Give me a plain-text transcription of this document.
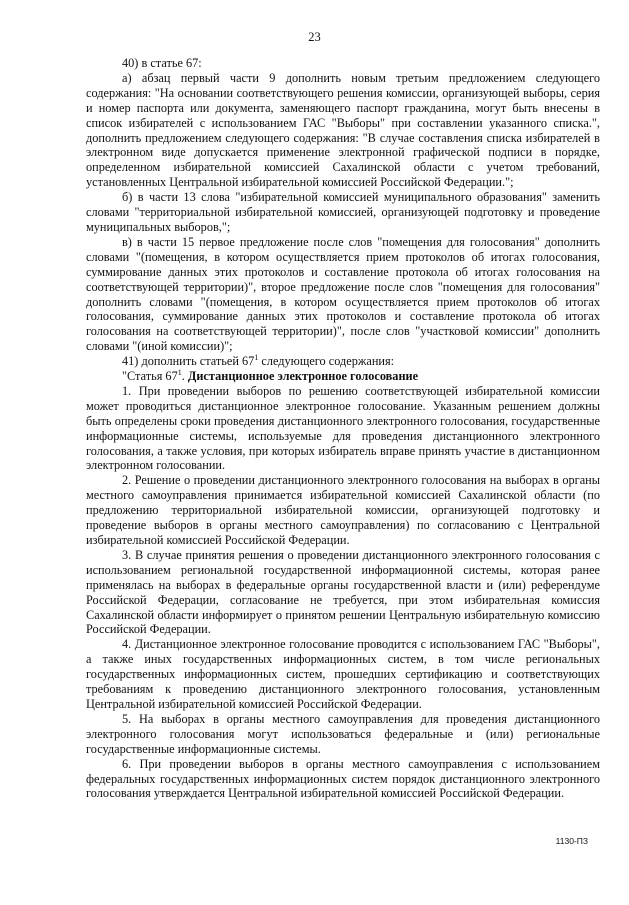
23

40) в статье 67:

а) абзац первый части 9 дополнить новым третьим предложением следующего содержания: "На основании соответствующего решения комиссии, организующей выборы, серия и номер паспорта или документа, заменяющего паспорт гражданина, могут быть внесены в список избирателей с использованием ГАС "Выборы" при составлении указанного списка.", дополнить предложением следующего содержания: "В случае составления списка избирателей в электронном виде допускается применение электронной графической подписи в порядке, определенном избирательной комиссией Сахалинской области с учетом требований, установленных Центральной избирательной комиссией Российской Федерации.";

б) в части 13 слова "избирательной комиссией муниципального образования" заменить словами "территориальной избирательной комиссией, организующей подготовку и проведение муниципальных выборов,";

в) в части 15 первое предложение после слов "помещения для голосования" дополнить словами "(помещения, в котором осуществляется прием протоколов об итогах голосования, суммирование данных этих протоколов и составление протокола об итогах голосования на соответствующей территории)", второе предложение после слов "помещения для голосования" дополнить словами "(помещения, в котором осуществляется прием протоколов об итогах голосования, суммирование данных этих протоколов и составление протокола об итогах голосования на соответствующей территории)", после слов "участковой комиссии" дополнить словами "(иной комиссии)";

41) дополнить статьей $67^1$ следующего содержания:

"Статья $67^1$. Дистанционное электронное голосование

1. При проведении выборов по решению соответствующей избирательной комиссии может проводиться дистанционное электронное голосование. Указанным решением должны быть определены сроки проведения дистанционного электронного голосования, государственные информационные системы, используемые для проведения дистанционного электронного голосования, а также условия, при которых избиратель вправе принять участие в дистанционном электронном голосовании.

2. Решение о проведении дистанционного электронного голосования на выборах в органы местного самоуправления принимается избирательной комиссией Сахалинской области (по предложению территориальной избирательной комиссии, организующей подготовку и проведение выборов в органы местного самоуправления) по согласованию с Центральной избирательной комиссией Российской Федерации.

3. В случае принятия решения о проведении дистанционного электронного голосования с использованием региональной государственной информационной системы, которая ранее применялась на выборах в федеральные органы государственной власти и (или) референдуме Российской Федерации, согласование не требуется, при этом избирательная комиссия Сахалинской области информирует о принятом решении Центральную избирательную комиссию Российской Федерации.

4. Дистанционное электронное голосование проводится с использованием ГАС "Выборы", а также иных государственных информационных систем, в том числе региональных государственных информационных систем, прошедших сертификацию и соответствующих требованиям к проведению дистанционного электронного голосования, установленным Центральной избирательной комиссией Российской Федерации.

5. На выборах в органы местного самоуправления для проведения дистанционного электронного голосования могут использоваться федеральные и (или) региональные государственные информационные системы.

6. При проведении выборов в органы местного самоуправления с использованием федеральных государственных информационных систем порядок дистанционного электронного голосования утверждается Центральной избирательной комиссией Российской Федерации.

1130-ПЗ
